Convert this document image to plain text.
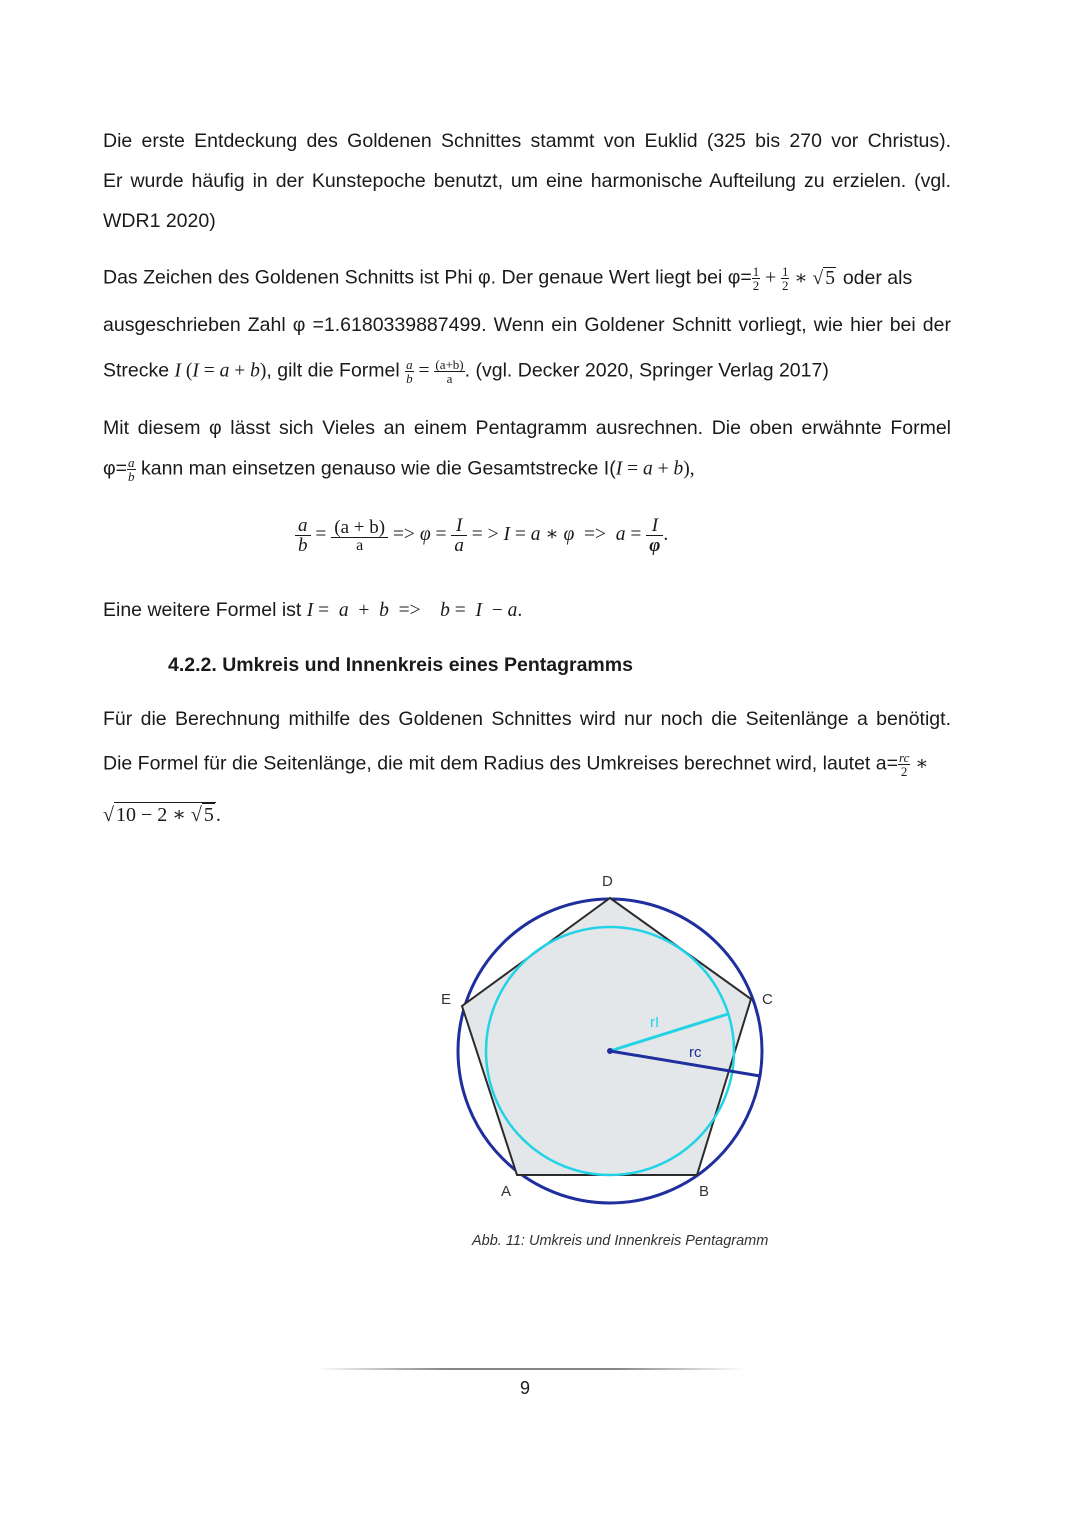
Die erste Entdeckung des Goldenen Schnittes stammt von Euklid (325 bis 270 vor Christus).
Er wurde häufig in der Kunstepoche benutzt, um eine harmonische Aufteilung zu erzielen. (vgl.
WDR1 2020)
Das Zeichen des Goldenen Schnitts ist Phi φ. Der genaue Wert liegt bei $\varphi= \frac{1}{2} + \frac{1}{2}$ ∗ √ 5 oder als
ausgeschrieben Zahl φ =1.6180339887499. Wenn ein Goldener Schnitt vorliegt, wie hier bei der
Strecke I (I = a + b), gilt die Formel $\frac{a}{b} = \frac{(a+b)}{a}$ . (vgl. Decker 2020, Springer Verlag 2017)
Mit diesem φ lässt sich Vieles an einem Pentagramm ausrechnen. Die oben erwähnte Formel
$\varphi= \frac{a}{b}$ kann man einsetzen genauso wie die Gesamtstrecke I(I = a + b),
$\frac{a}{b} = \frac{(a + b)}{a} => \varphi = \frac{I}{a}$ = > I = a ∗ $\varphi => a = \frac{I}{\varphi}$ .
Eine weitere Formel ist I =  a  +  b  =>    b =  I  − a.
4.2.2. Umkreis und Innenkreis eines Pentagramms
Für die Berechnung mithilfe des Goldenen Schnittes wird nur noch die Seitenlänge a benötigt.
Die Formel für die Seitenlänge, die mit dem Radius des Umkreises berechnet wird, lautet $a= \frac{rc}{2}$ ∗
√ 10 − 2 ∗ √ 5 .
D
C
E
A	B
rI
rc
Abb. 11: Umkreis und Innenkreis Pentagramm
9
